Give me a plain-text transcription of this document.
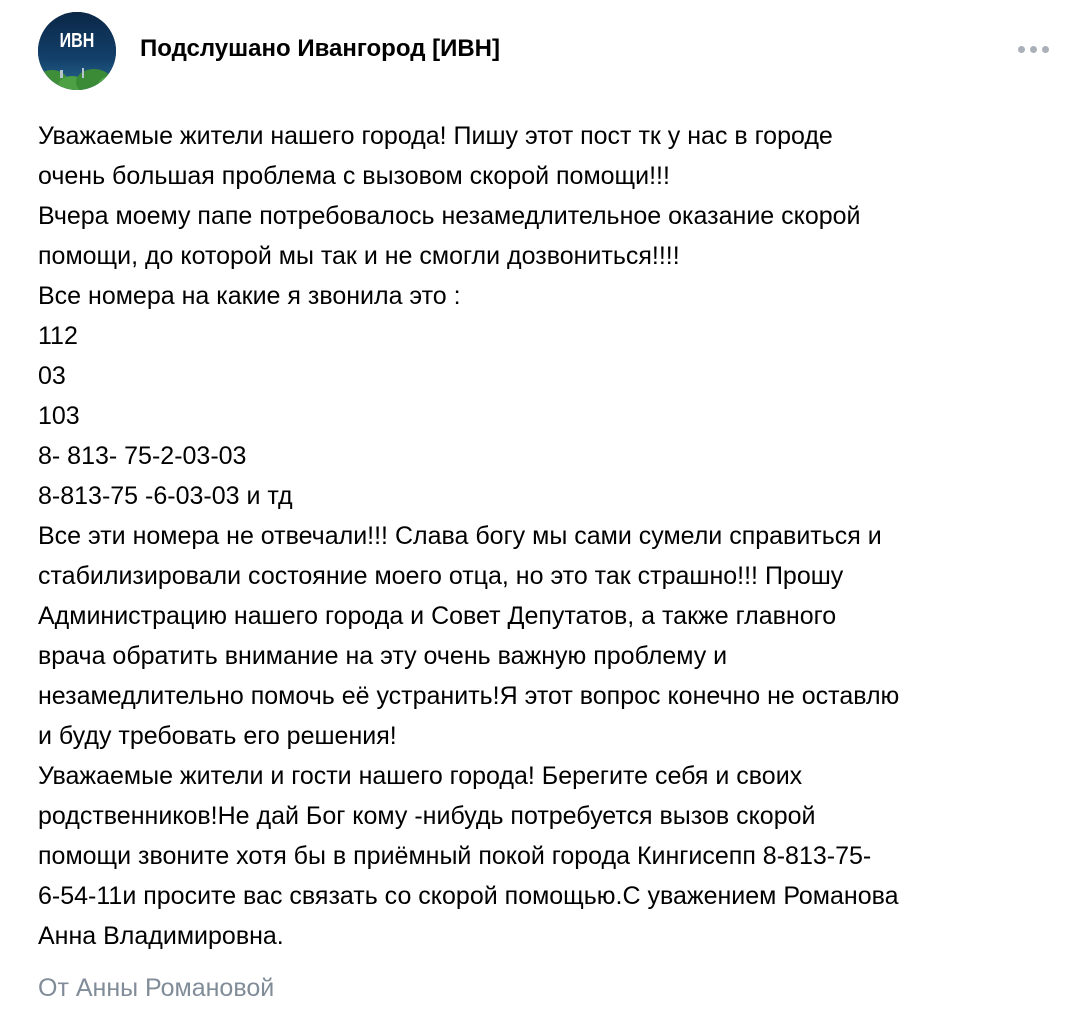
ИВН	Подслушано Ивангород [ИВН]
Уважаемые жители нашего города! Пишу этот пост тк у нас в городе
очень большая проблема с вызовом скорой помощи!!!
Вчера моему папе потребовалось незамедлительное оказание скорой
помощи, до которой мы так и не смогли дозвониться!!!!
Все номера на какие я звонила это :
112
03
103
8- 813- 75-2-03-03
8-813-75 -6-03-03 и тд
Все эти номера не отвечали!!! Слава богу мы сами сумели справиться и
стабилизировали состояние моего отца, но это так страшно!!! Прошу
Администрацию нашего города и Совет Депутатов, а также главного
врача обратить внимание на эту очень важную проблему и
незамедлительно помочь её устранить!Я этот вопрос конечно не оставлю
и буду требовать его решения!
Уважаемые жители и гости нашего города! Берегите себя и своих
родственников!Не дай Бог кому -нибудь потребуется вызов скорой
помощи звоните хотя бы в приёмный покой города Кингисепп 8-813-75-
6-54-11и просите вас связать со скорой помощью.С уважением Романова
Анна Владимировна.
От Анны Романовой
